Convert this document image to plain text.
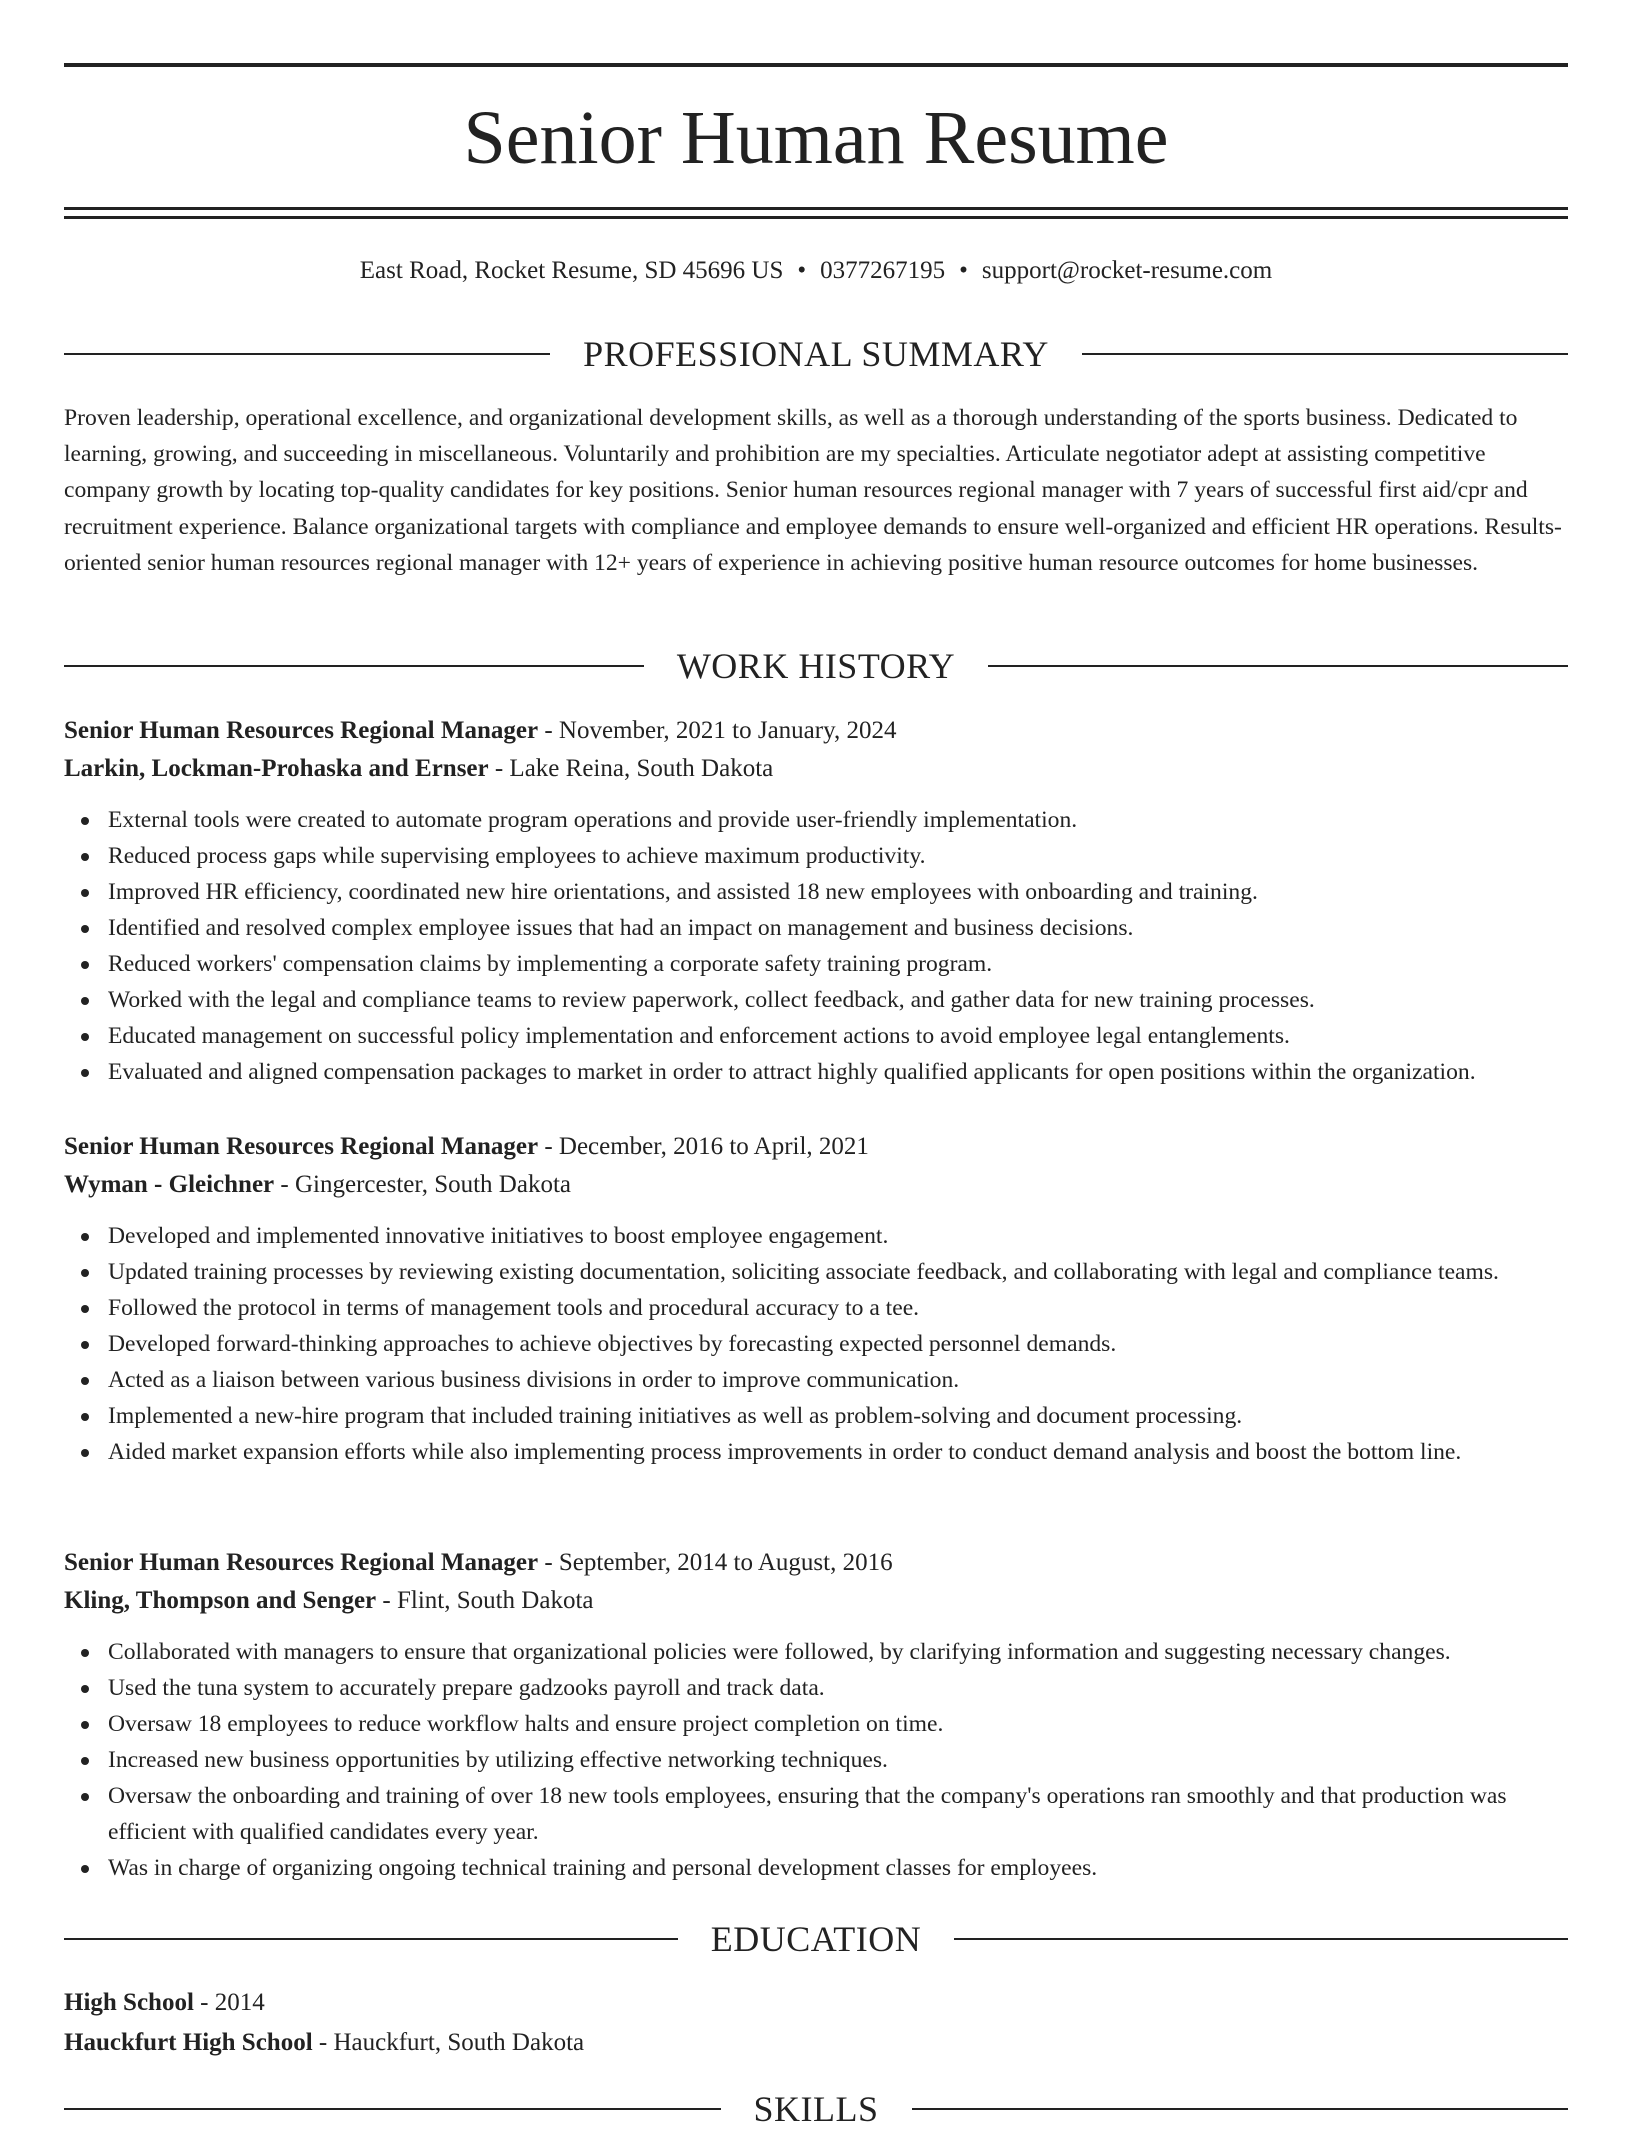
Senior Human Resume
East Road, Rocket Resume, SD 45696 US • 0377267195 • support@rocket-resume.com
PROFESSIONAL SUMMARY

Proven leadership, operational excellence, and organizational development skills, as well as a thorough understanding of the sports business. Dedicated to learning, growing, and succeeding in miscellaneous. Voluntarily and prohibition are my specialties. Articulate negotiator adept at assisting competitive company growth by locating top-quality candidates for key positions. Senior human resources regional manager with 7 years of successful first aid/cpr and recruitment experience. Balance organizational targets with compliance and employee demands to ensure well-organized and efficient HR operations. Results-oriented senior human resources regional manager with 12+ years of experience in achieving positive human resource outcomes for home businesses.

WORK HISTORY
Senior Human Resources Regional Manager - November, 2021 to January, 2024
Larkin, Lockman-Prohaska and Ernser - Lake Reina, South Dakota
External tools were created to automate program operations and provide user-friendly implementation.
Reduced process gaps while supervising employees to achieve maximum productivity.
Improved HR efficiency, coordinated new hire orientations, and assisted 18 new employees with onboarding and training.
Identified and resolved complex employee issues that had an impact on management and business decisions.
Reduced workers' compensation claims by implementing a corporate safety training program.
Worked with the legal and compliance teams to review paperwork, collect feedback, and gather data for new training processes.
Educated management on successful policy implementation and enforcement actions to avoid employee legal entanglements.
Evaluated and aligned compensation packages to market in order to attract highly qualified applicants for open positions within the organization.
Senior Human Resources Regional Manager - December, 2016 to April, 2021
Wyman - Gleichner - Gingercester, South Dakota
Developed and implemented innovative initiatives to boost employee engagement.
Updated training processes by reviewing existing documentation, soliciting associate feedback, and collaborating with legal and compliance teams.
Followed the protocol in terms of management tools and procedural accuracy to a tee.
Developed forward-thinking approaches to achieve objectives by forecasting expected personnel demands.
Acted as a liaison between various business divisions in order to improve communication.
Implemented a new-hire program that included training initiatives as well as problem-solving and document processing.
Aided market expansion efforts while also implementing process improvements in order to conduct demand analysis and boost the bottom line.
Senior Human Resources Regional Manager - September, 2014 to August, 2016
Kling, Thompson and Senger - Flint, South Dakota
Collaborated with managers to ensure that organizational policies were followed, by clarifying information and suggesting necessary changes.
Used the tuna system to accurately prepare gadzooks payroll and track data.
Oversaw 18 employees to reduce workflow halts and ensure project completion on time.
Increased new business opportunities by utilizing effective networking techniques.
Oversaw the onboarding and training of over 18 new tools employees, ensuring that the company's operations ran smoothly and that production was efficient with qualified candidates every year.
Was in charge of organizing ongoing technical training and personal development classes for employees.
EDUCATION
High School - 2014
Hauckfurt High School - Hauckfurt, South Dakota
SKILLS
